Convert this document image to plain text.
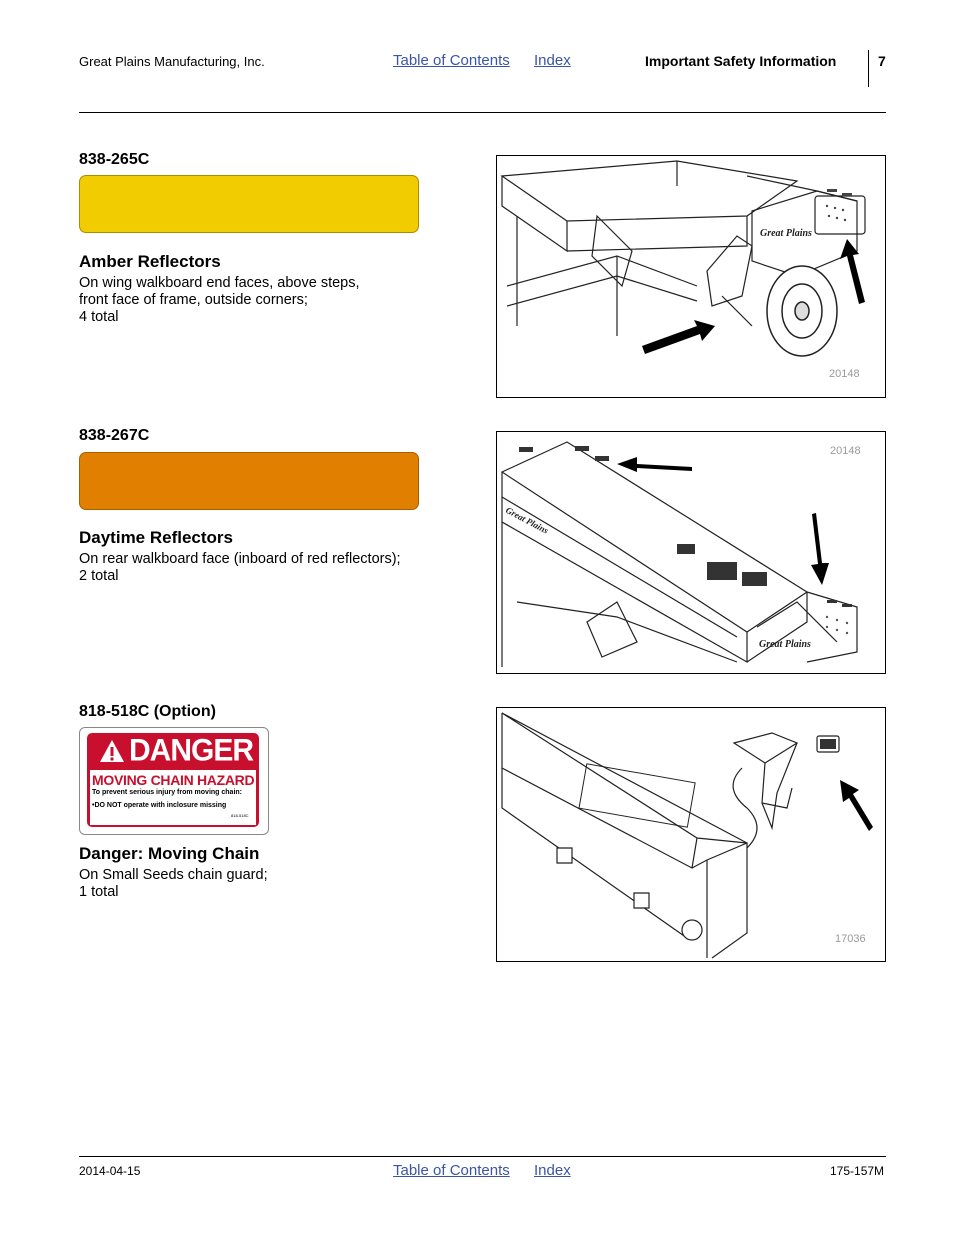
Great Plains Manufacturing, Inc.	Table of Contents Index	Important Safety Information	7
838-265C
Amber Reflectors
On wing walkboard end faces, above steps,
front face of frame, outside corners;
4 total
Great Plains
20148
838-267C
Daytime Reflectors
On rear walkboard face (inboard of red reflectors);
2 total
Great Plains
Great Plains
20148
818-518C (Option)
DANGER
MOVING CHAIN HAZARD
To prevent serious injury from moving chain:
•DO NOT operate with inclosure missing
818-518C
Danger: Moving Chain
On Small Seeds chain guard;
1 total
17036
2014-04-15	Table of Contents Index	175-157M
